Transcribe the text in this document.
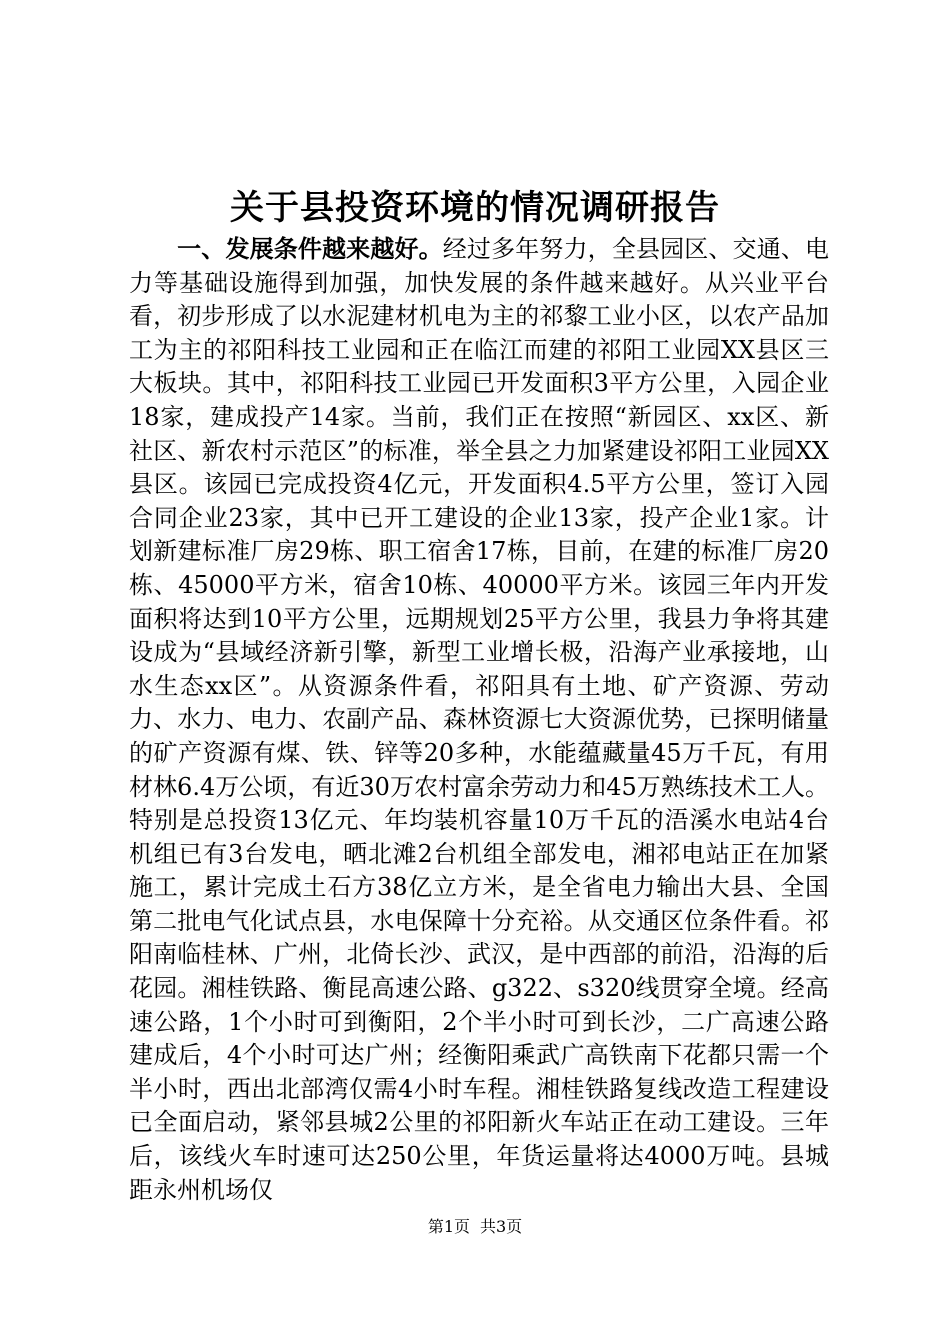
关于县投资环境的情况调研报告

一、发展条件越来越好。经过多年努力，全县园区、交通、电力等基础设施得到加强，加快发展的条件越来越好。从兴业平台看，初步形成了以水泥建材机电为主的祁黎工业小区，以农产品加工为主的祁阳科技工业园和正在临江而建的祁阳工业园XX县区三大板块。其中，祁阳科技工业园已开发面积3平方公里，入园企业18家，建成投产14家。当前，我们正在按照“新园区、xx区、新社区、新农村示范区”的标准，举全县之力加紧建设祁阳工业园XX县区。该园已完成投资4亿元，开发面积4.5平方公里，签订入园合同企业23家，其中已开工建设的企业13家，投产企业1家。计划新建标准厂房29栋、职工宿舍17栋，目前，在建的标准厂房20栋、45000平方米，宿舍10栋、40000平方米。该园三年内开发面积将达到10平方公里，远期规划25平方公里，我县力争将其建设成为“县域经济新引擎，新型工业增长极，沿海产业承接地，山水生态xx区”。从资源条件看，祁阳具有土地、矿产资源、劳动力、水力、电力、农副产品、森林资源七大资源优势，已探明储量的矿产资源有煤、铁、锌等20多种，水能蕴藏量45万千瓦，有用材林6.4万公顷，有近30万农村富余劳动力和45万熟练技术工人。特别是总投资13亿元、年均装机容量10万千瓦的浯溪水电站4台机组已有3台发电，晒北滩2台机组全部发电，湘祁电站正在加紧施工，累计完成土石方38亿立方米，是全省电力输出大县、全国第二批电气化试点县，水电保障十分充裕。从交通区位条件看。祁阳南临桂林、广州，北倚长沙、武汉，是中西部的前沿，沿海的后花园。湘桂铁路、衡昆高速公路、g322、s320线贯穿全境。经高速公路，1个小时可到衡阳，2个半小时可到长沙，二广高速公路建成后，4个小时可达广州；经衡阳乘武广高铁南下花都只需一个半小时，西出北部湾仅需4小时车程。湘桂铁路复线改造工程建设已全面启动，紧邻县城2公里的祁阳新火车站正在动工建设。三年后，该线火车时速可达250公里，年货运量将达4000万吨。县城距永州机场仅

第1页 共3页
